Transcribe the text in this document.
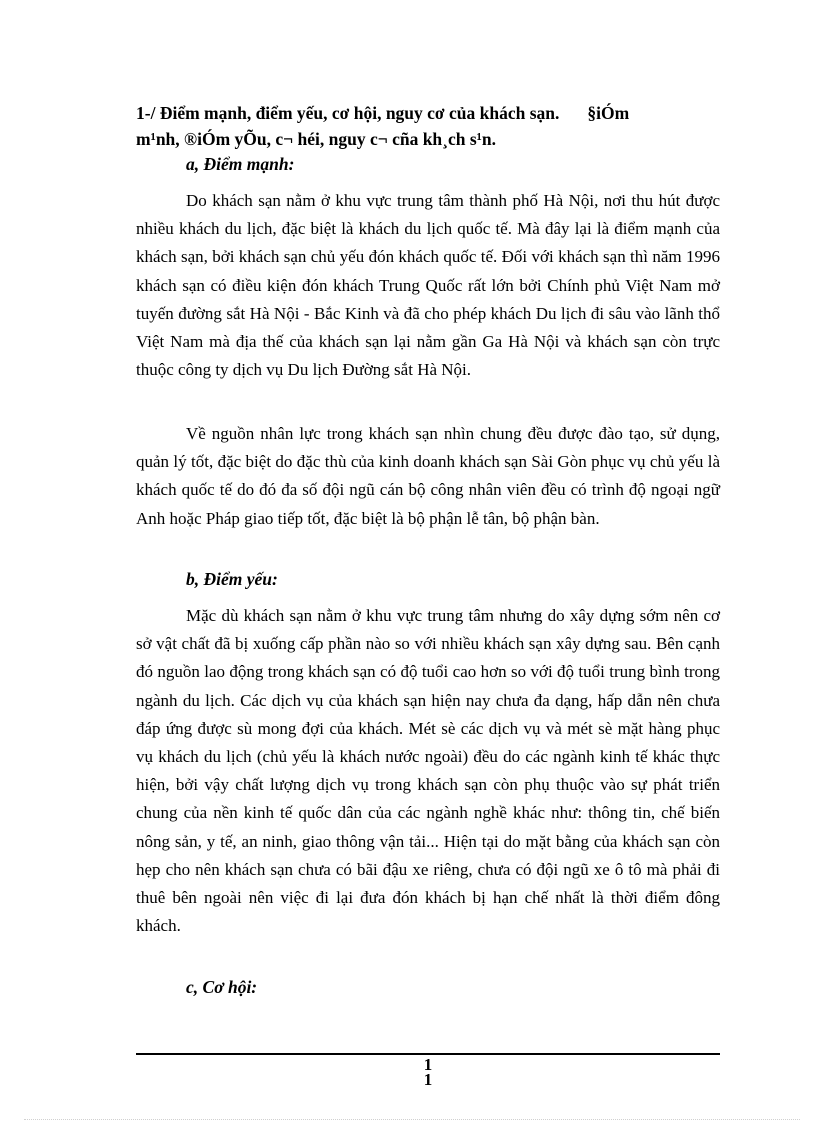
1-/ Điểm mạnh, điểm yếu, cơ hội, nguy cơ của khách sạn. §iÓm
m¹nh, ®iÓm yÕu, c¬ héi, nguy c¬ cña kh¸ch s¹n.
a, Điểm mạnh:

Do khách sạn nằm ở khu vực trung tâm thành phố Hà Nội, nơi thu hút được nhiều khách du lịch, đặc biệt là khách du lịch quốc tế. Mà đây lại là điểm mạnh của khách sạn, bởi khách sạn chủ yếu đón khách quốc tế. Đối với khách sạn thì năm 1996 khách sạn có điều kiện đón khách Trung Quốc rất lớn bởi Chính phủ Việt Nam mở tuyến đường sắt Hà Nội - Bắc Kinh và đã cho phép khách Du lịch đi sâu vào lãnh thổ Việt Nam mà địa thế của khách sạn lại nằm gần Ga Hà Nội và khách sạn còn trực thuộc công ty dịch vụ Du lịch Đường sắt Hà Nội.

Về nguồn nhân lực trong khách sạn nhìn chung đều được đào tạo, sử dụng, quản lý tốt, đặc biệt do đặc thù của kinh doanh khách sạn Sài Gòn phục vụ chủ yếu là khách quốc tế do đó đa số đội ngũ cán bộ công nhân viên đều có trình độ ngoại ngữ Anh hoặc Pháp giao tiếp tốt, đặc biệt là bộ phận lễ tân, bộ phận bàn.

b, Điểm yếu:

Mặc dù khách sạn nằm ở khu vực trung tâm nhưng do xây dựng sớm nên cơ sở vật chất đã bị xuống cấp phần nào so với nhiều khách sạn xây dựng sau. Bên cạnh đó nguồn lao động trong khách sạn có độ tuổi cao hơn so với độ tuổi trung bình trong ngành du lịch. Các dịch vụ của khách sạn hiện nay chưa đa dạng, hấp dẫn nên chưa đáp ứng được sù mong đợi của khách. Mét sè các dịch vụ và mét sè mặt hàng phục vụ khách du lịch (chủ yếu là khách nước ngoài) đều do các ngành kinh tế khác thực hiện, bởi vậy chất lượng dịch vụ trong khách sạn còn phụ thuộc vào sự phát triển chung của nền kinh tế quốc dân của các ngành nghề khác như: thông tin, chế biến nông sản, y tế, an ninh, giao thông vận tải... Hiện tại do mặt bằng của khách sạn còn hẹp cho nên khách sạn chưa có bãi đậu xe riêng, chưa có đội ngũ xe ô tô mà phải đi thuê bên ngoài nên việc đi lại đưa đón khách bị hạn chế nhất là thời điểm đông khách.

c, Cơ hội:
1
1
